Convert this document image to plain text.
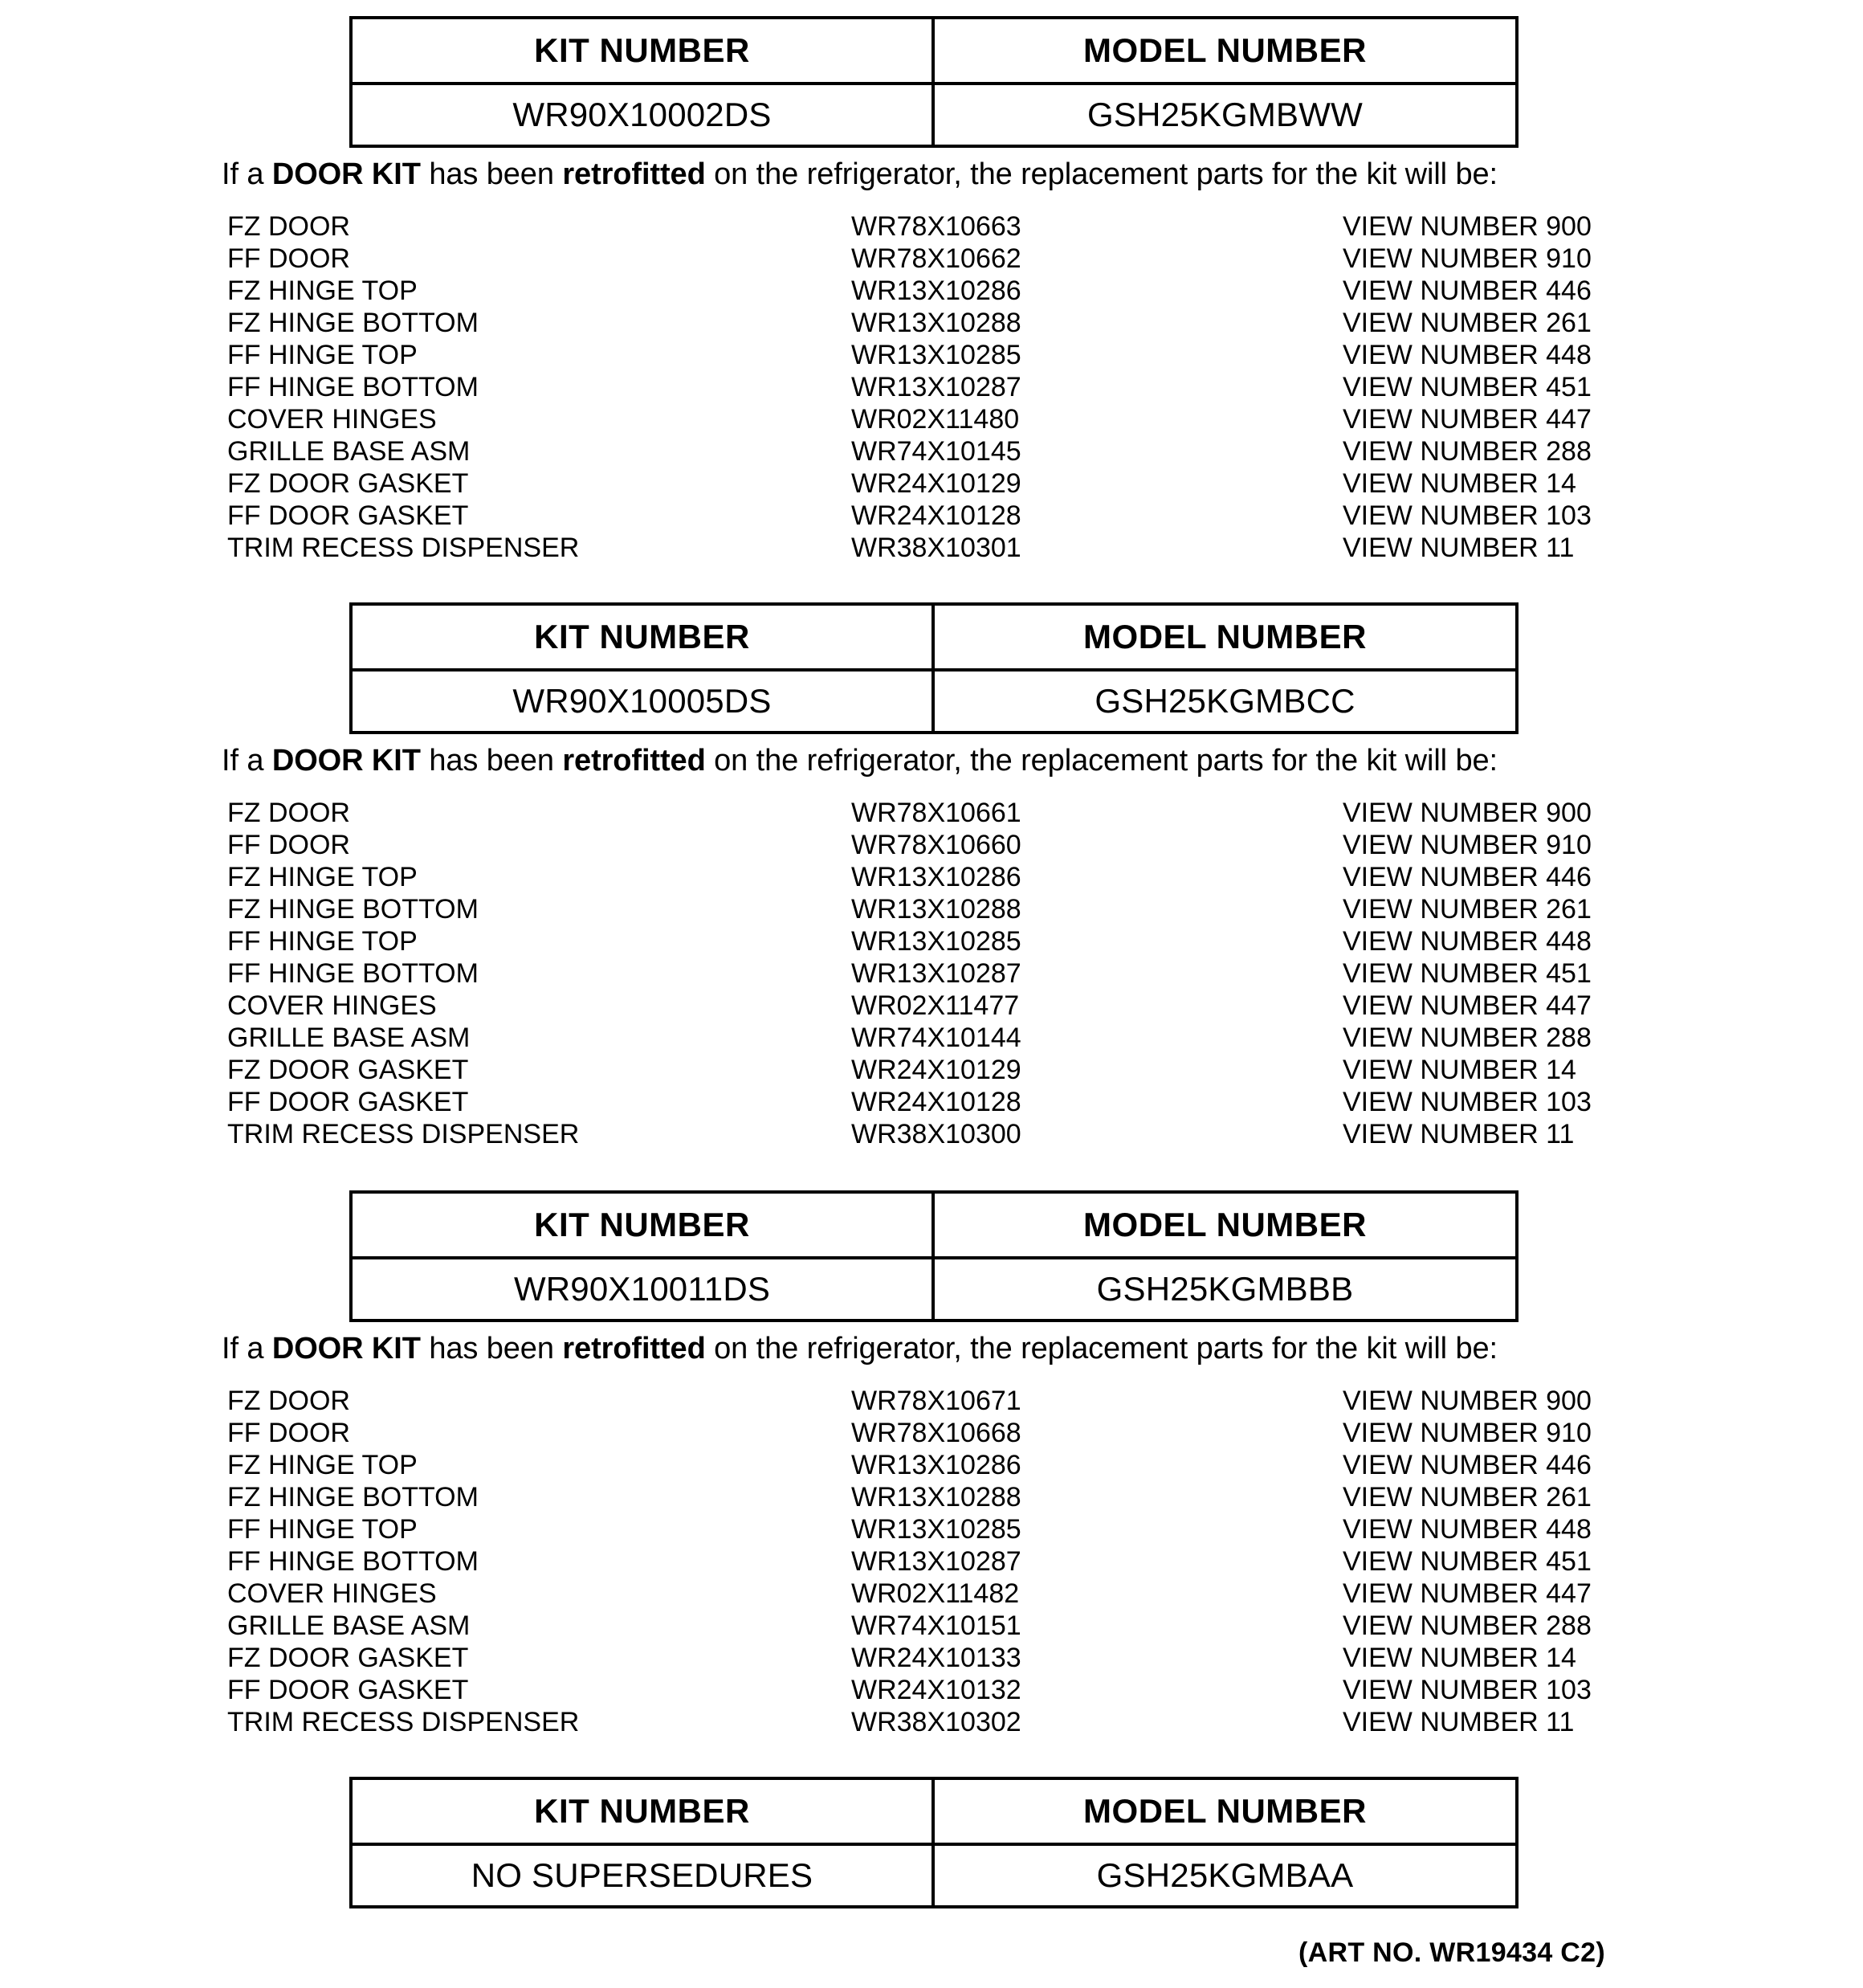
KIT NUMBER	MODEL NUMBER
WR90X10002DS	GSH25KGMBWW
If a DOOR KIT has been retrofitted on the refrigerator, the replacement parts for the kit will be:
FZ DOOR	WR78X10663	VIEW NUMBER 900
FF DOOR	WR78X10662	VIEW NUMBER 910
FZ HINGE TOP	WR13X10286	VIEW NUMBER 446
FZ HINGE BOTTOM	WR13X10288	VIEW NUMBER 261
FF HINGE TOP	WR13X10285	VIEW NUMBER 448
FF HINGE BOTTOM	WR13X10287	VIEW NUMBER 451
COVER HINGES	WR02X11480	VIEW NUMBER 447
GRILLE BASE ASM	WR74X10145	VIEW NUMBER 288
FZ DOOR GASKET	WR24X10129	VIEW NUMBER 14
FF DOOR GASKET	WR24X10128	VIEW NUMBER 103
TRIM RECESS DISPENSER	WR38X10301	VIEW NUMBER 11
KIT NUMBER	MODEL NUMBER
WR90X10005DS	GSH25KGMBCC
If a DOOR KIT has been retrofitted on the refrigerator, the replacement parts for the kit will be:
FZ DOOR	WR78X10661	VIEW NUMBER 900
FF DOOR	WR78X10660	VIEW NUMBER 910
FZ HINGE TOP	WR13X10286	VIEW NUMBER 446
FZ HINGE BOTTOM	WR13X10288	VIEW NUMBER 261
FF HINGE TOP	WR13X10285	VIEW NUMBER 448
FF HINGE BOTTOM	WR13X10287	VIEW NUMBER 451
COVER HINGES	WR02X11477	VIEW NUMBER 447
GRILLE BASE ASM	WR74X10144	VIEW NUMBER 288
FZ DOOR GASKET	WR24X10129	VIEW NUMBER 14
FF DOOR GASKET	WR24X10128	VIEW NUMBER 103
TRIM RECESS DISPENSER	WR38X10300	VIEW NUMBER 11
KIT NUMBER	MODEL NUMBER
WR90X10011DS	GSH25KGMBBB
If a DOOR KIT has been retrofitted on the refrigerator, the replacement parts for the kit will be:
FZ DOOR	WR78X10671	VIEW NUMBER 900
FF DOOR	WR78X10668	VIEW NUMBER 910
FZ HINGE TOP	WR13X10286	VIEW NUMBER 446
FZ HINGE BOTTOM	WR13X10288	VIEW NUMBER 261
FF HINGE TOP	WR13X10285	VIEW NUMBER 448
FF HINGE BOTTOM	WR13X10287	VIEW NUMBER 451
COVER HINGES	WR02X11482	VIEW NUMBER 447
GRILLE BASE ASM	WR74X10151	VIEW NUMBER 288
FZ DOOR GASKET	WR24X10133	VIEW NUMBER 14
FF DOOR GASKET	WR24X10132	VIEW NUMBER 103
TRIM RECESS DISPENSER	WR38X10302	VIEW NUMBER 11
KIT NUMBER	MODEL NUMBER
NO SUPERSEDURES	GSH25KGMBAA
(ART NO. WR19434 C2)
